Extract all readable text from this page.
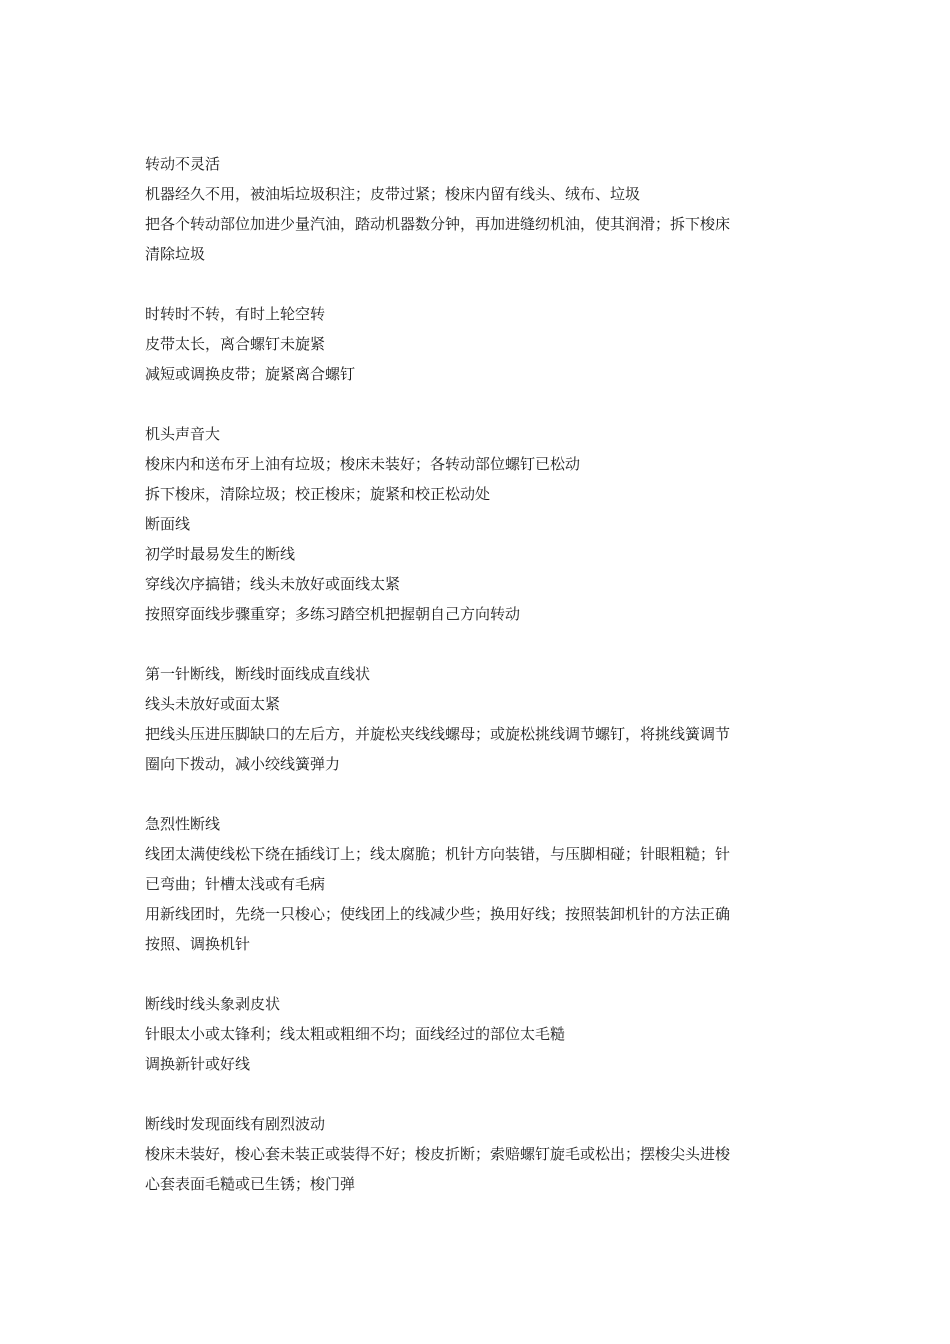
转动不灵活
机器经久不用，被油垢垃圾积注；皮带过紧；梭床内留有线头、绒布、垃圾
把各个转动部位加进少量汽油，踏动机器数分钟，再加进缝纫机油，使其润滑；拆下梭床
清除垃圾
时转时不转，有时上轮空转
皮带太长，离合螺钉未旋紧
减短或调换皮带；旋紧离合螺钉
机头声音大
梭床内和送布牙上油有垃圾；梭床未装好；各转动部位螺钉已松动
拆下梭床，清除垃圾；校正梭床；旋紧和校正松动处
断面线
初学时最易发生的断线
穿线次序搞错；线头未放好或面线太紧
按照穿面线步骤重穿；多练习踏空机把握朝自己方向转动
第一针断线，断线时面线成直线状
线头未放好或面太紧
把线头压进压脚缺口的左后方，并旋松夹线线螺母；或旋松挑线调节螺钉，将挑线簧调节
圈向下拨动，减小绞线簧弹力
急烈性断线
线团太满使线松下绕在插线订上；线太腐脆；机针方向装错，与压脚相碰；针眼粗糙；针
已弯曲；针槽太浅或有毛病
用新线团时，先绕一只梭心；使线团上的线减少些；换用好线；按照装卸机针的方法正确
按照、调换机针
断线时线头象剥皮状
针眼太小或太锋利；线太粗或粗细不均；面线经过的部位太毛糙
调换新针或好线
断线时发现面线有剧烈波动
梭床未装好，梭心套未装正或装得不好；梭皮折断；索赔螺钉旋毛或松出；摆梭尖头进梭
心套表面毛糙或已生锈；梭门弹
